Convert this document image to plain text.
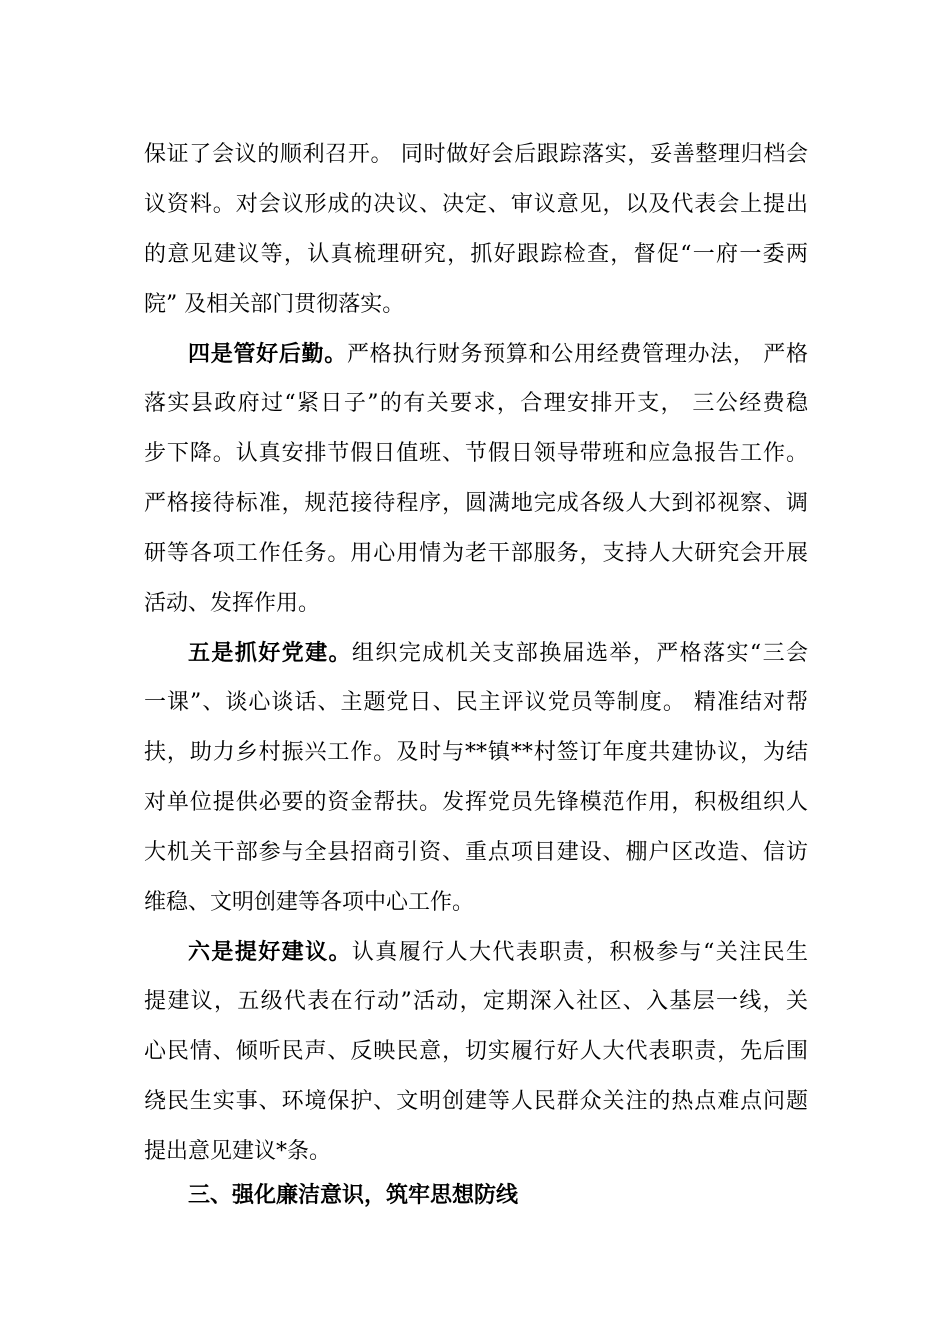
保证了会议的顺利召开。 同时做好会后跟踪落实，妥善整理归档会
议资料。对会议形成的决议、决定、审议意见，以及代表会上提出
的意见建议等，认真梳理研究，抓好跟踪检查，督促“一府一委两
院” 及相关部门贯彻落实。
四是管好后勤。严格执行财务预算和公用经费管理办法， 严格
落实县政府过“紧日子”的有关要求，合理安排开支， 三公经费稳
步下降。认真安排节假日值班、节假日领导带班和应急报告工作。
严格接待标准，规范接待程序，圆满地完成各级人大到祁视察、调
研等各项工作任务。用心用情为老干部服务，支持人大研究会开展
活动、发挥作用。
五是抓好党建。组织完成机关支部换届选举，严格落实“三会
一课”、谈心谈话、主题党日、民主评议党员等制度。 精准结对帮
扶，助力乡村振兴工作。及时与**镇**村签订年度共建协议，为结
对单位提供必要的资金帮扶。发挥党员先锋模范作用，积极组织人
大机关干部参与全县招商引资、重点项目建设、棚户区改造、信访
维稳、文明创建等各项中心工作。
六是提好建议。认真履行人大代表职责，积极参与“关注民生
提建议，五级代表在行动”活动，定期深入社区、入基层一线，关
心民情、倾听民声、反映民意，切实履行好人大代表职责，先后围
绕民生实事、环境保护、文明创建等人民群众关注的热点难点问题
提出意见建议*条。
三、强化廉洁意识，筑牢思想防线
